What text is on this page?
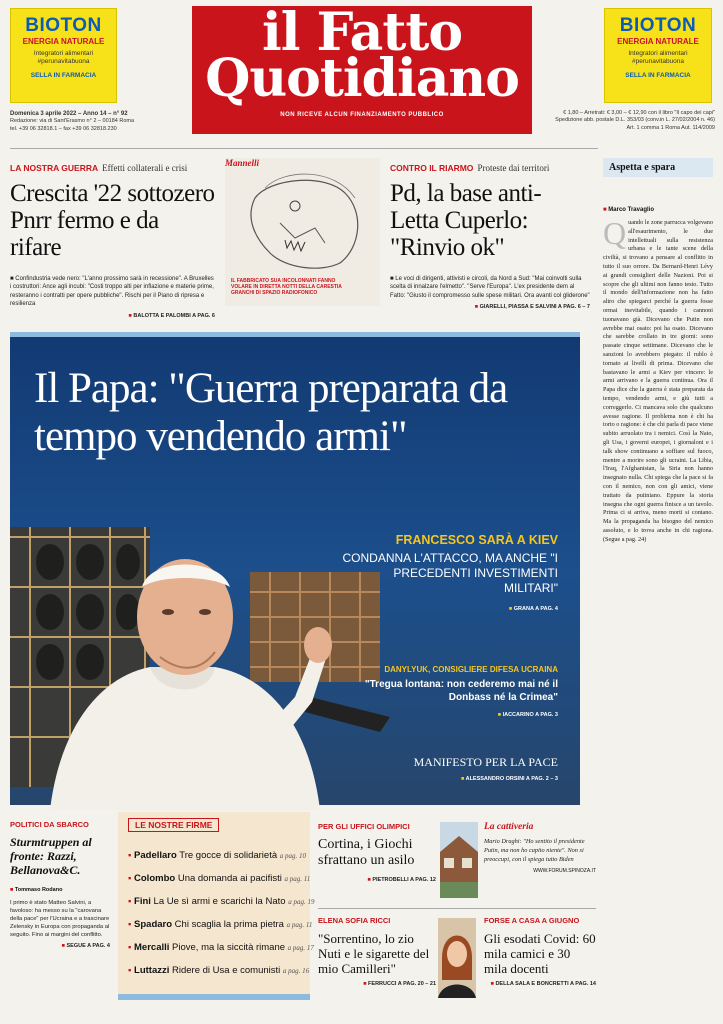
BIOTON
ENERGIA NATURALE
Integratori alimentari
#perunavitabuona
SELLA IN FARMACIA
il Fatto
Quotidiano
NON RICEVE ALCUN FINANZIAMENTO PUBBLICO
BIOTON
ENERGIA NATURALE
Integratori alimentari
#perunavitabuona
SELLA IN FARMACIA
Domenica 3 aprile 2022 – Anno 14 – n° 92
Redazione: via di Sant'Erasmo n° 2 – 00184 Roma
tel. +39 06 32818.1 – fax +39 06 32818.230
€ 1,80 – Arretrati: € 3,00 – € 12,90 con il libro "Il capo dei capi"
Spedizione abb. postale D.L. 353/03 (conv.in L. 27/02/2004 n. 46)
Art. 1 comma 1 Roma Aut. 114/2009
LA NOSTRA GUERRA Effetti collaterali e crisi
Crescita '22 sottozero Pnrr fermo e da rifare
■ Confindustria vede nero: "L'anno prossimo sarà in recessione". A Bruxelles i costruttori: Ance agli incubi: "Costi troppo alti per inflazione e materie prime, resteranno i contratti per opere pubbliche". Rischi per il Piano di ripresa e resilienza
■ BALOTTA E PALOMBI A PAG. 6
Mannelli
IL FABBRICATO SUA INCOLONNATI FANNO VOLARE IN DIRETTA NOTTI DELLA CARESTIA GRANCHI DI SPAZIO RADIOFONICO
CONTRO IL RIARMO Proteste dai territori
Pd, la base anti-Letta Cuperlo: "Rinvio ok"
■ Le voci di dirigenti, attivisti e circoli, da Nord a Sud: "Mai coinvolti sulla scelta di innalzare l'elmetto". "Serve l'Europa". L'ex presidente dem al Fatto: "Giusto il compromesso sulle spese militari. Ora avanti col gliderone"
■ GIARELLI, PIASSA E SALVINI A PAG. 6 – 7
Il Papa: "Guerra preparata da tempo vendendo armi"
FRANCESCO SARÀ A KIEV
CONDANNA L'ATTACCO, MA ANCHE "I PRECEDENTI INVESTIMENTI MILITARI"
■ GRANA A PAG. 4
DANYLYUK, CONSIGLIERE DIFESA UCRAINA
"Tregua lontana: non cederemo mai né il Donbass né la Crimea"
■ IACCARINO A PAG. 3
MANIFESTO PER LA PACE
■ ALESSANDRO ORSINI A PAG. 2 – 3
Aspetta e spara
■ Marco Travaglio
Quando le zone parrucca volgevano all'esaurimento, le due intellettuali sulla resistenza urbana e le tante scene della civiltà, si trovano a pensare al conflitto in tutto il suo orrore. Da Bernard-Henri Lévy ai grandi consiglieri delle Nazioni. Poi si scopre che gli ultimi non fanno testo. Tutto il mondo dell'informazione non ha fatto altro che spiegarci perché la guerra fosse ormai inevitabile, quando i cannoni tuonavano già. Dicevano che Putin non avrebbe mai osato: poi ha osato. Dicevano che sarebbe crollato in tre giorni: sono passate cinque settimane. Dicevano che le sanzioni lo avrebbero piegato: il rublo è tornato ai livelli di prima. Dicevano che bastavano le armi a Kiev per vincere: le armi arrivano e la guerra continua. Ora il Papa dice che la guerra è stata preparata da tempo, vendendo armi, e giù tutti a correggerlo. Ci mancava solo che qualcuno avesse ragione. Il problema non è chi ha torto o ragione: è che chi parla di pace viene subito arruolato tra i nemici. Così la Nato, gli Usa, i governi europei, i giornaloni e i talk show continuano a soffiare sul fuoco, mentre a morire sono gli ucraini. La Libia, l'Iraq, l'Afghanistan, la Siria non hanno insegnato nulla. Chi spiega che la pace si fa con il nemico, non con gli amici, viene trattato da putiniano. Eppure la storia insegna che ogni guerra finisce a un tavolo. Prima ci si arriva, meno morti si contano. Ma la propaganda ha bisogno del nemico assoluto, e lo trova anche in chi ragiona. (Segue a pag. 24)
POLITICI DA SBARCO
Sturmtruppen al fronte: Razzi, Bellanova&C.
■ Tommaso Rodano
I primo è stato Matteo Salvini, a favoloso: ha messo su la "carovana della pace" per l'Ucraina e a trascinare Zelensky in Europa con propaganda al seguito. Fino ai margini del conflitto.
■ SEGUE A PAG. 4
LE NOSTRE FIRME
▪ Padellaro Tre gocce di solidarietà a pag. 10
▪ Colombo Una domanda ai pacifisti a pag. 11
▪ Fini La Ue sì armi e scarichi la Nato a pag. 19
▪ Spadaro Chi scaglia la prima pietra a pag. 11
▪ Mercalli Piove, ma la siccità rimane a pag. 17
▪ Luttazzi Ridere di Usa e comunisti a pag. 16
PER GLI UFFICI OLIMPICI
Cortina, i Giochi sfrattano un asilo
■ PIETROBELLI A PAG. 12
La cattiveria
Mario Draghi: "Ho sentito il presidente Putin, ma non ho capito niente". Non si preoccupi, con il spiega tutto Biden
WWW.FORUM.SPINOZA.IT
ELENA SOFIA RICCI
"Sorrentino, lo zio Nuti e le sigarette del mio Camilleri"
■ FERRUCCI A PAG. 20 – 21
FORSE A CASA A GIUGNO
Gli esodati Covid: 60 mila camici e 30 mila docenti
■ DELLA SALA E BONCRETTI A PAG. 14
